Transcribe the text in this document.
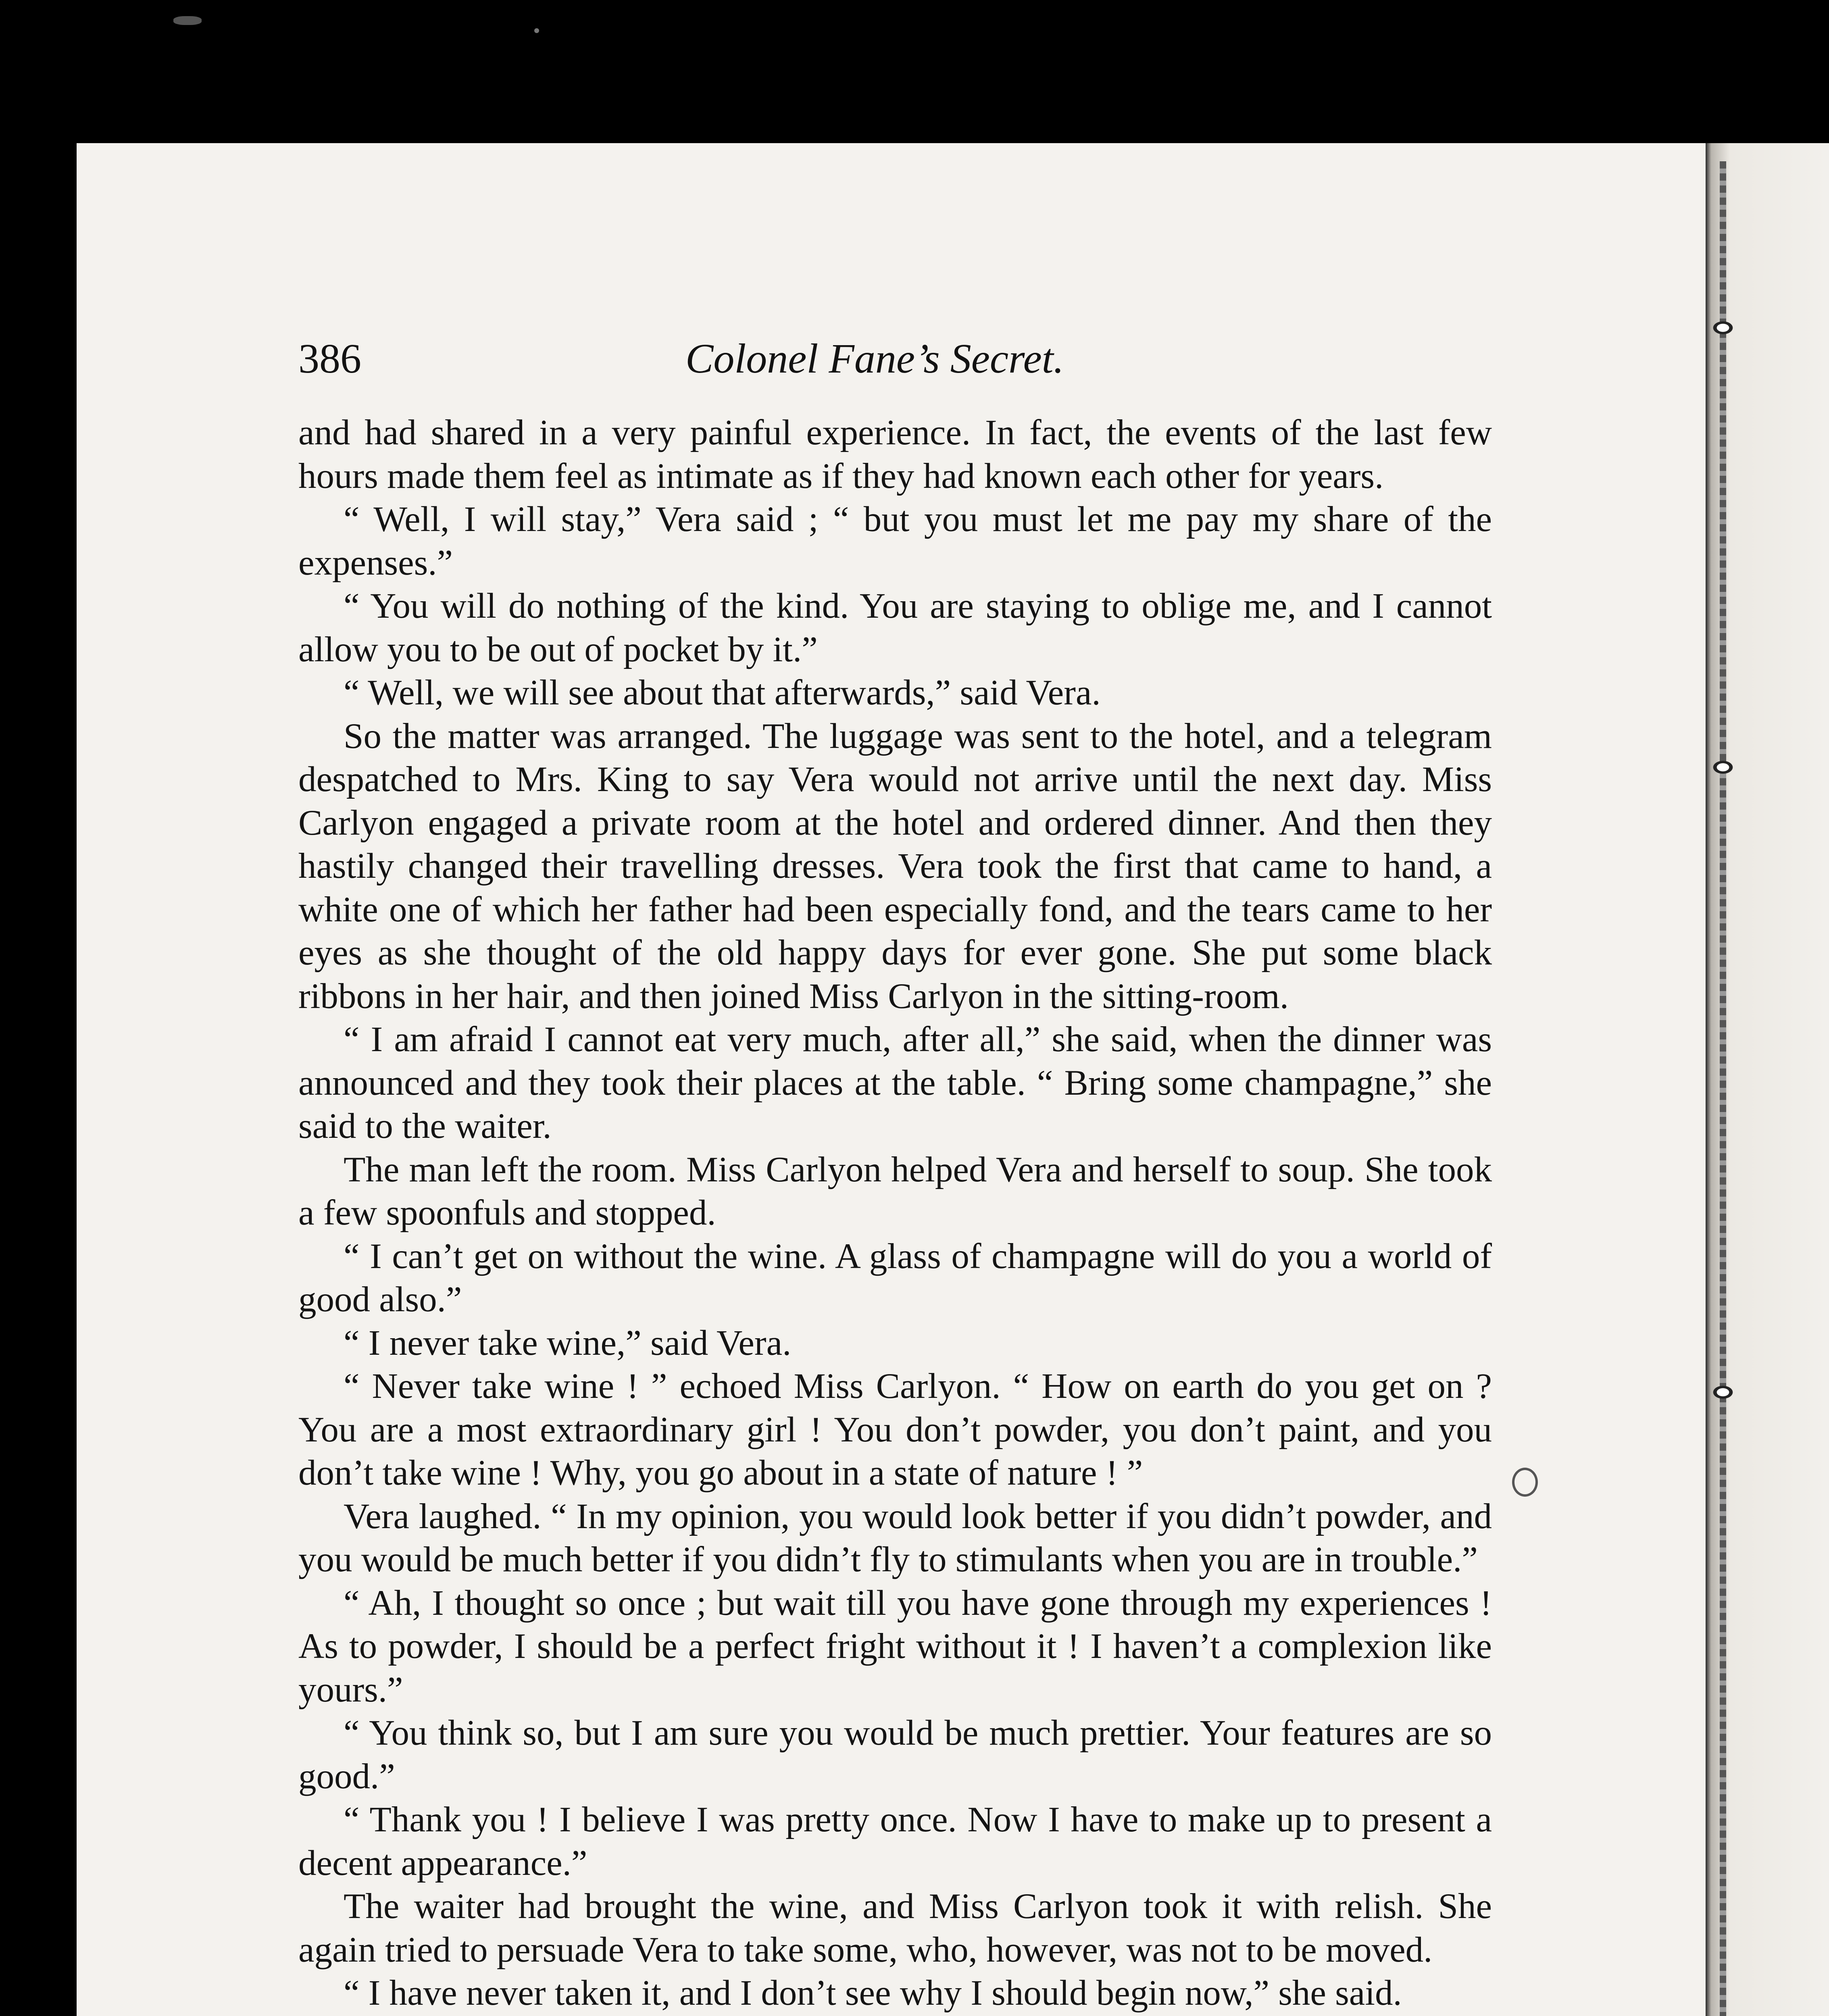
386	Colonel Fane’s Secret.

and had shared in a very painful experience. In fact, the events of the last few hours made them feel as intimate as if they had known each other for years.

“ Well, I will stay,” Vera said ; “ but you must let me pay my share of the expenses.”

“ You will do nothing of the kind. You are staying to oblige me, and I cannot allow you to be out of pocket by it.”

“ Well, we will see about that afterwards,” said Vera.

So the matter was arranged. The luggage was sent to the hotel, and a telegram despatched to Mrs. King to say Vera would not arrive until the next day. Miss Carlyon engaged a private room at the hotel and ordered dinner. And then they hastily changed their travelling dresses. Vera took the first that came to hand, a white one of which her father had been especially fond, and the tears came to her eyes as she thought of the old happy days for ever gone. She put some black ribbons in her hair, and then joined Miss Carlyon in the sitting-room.

“ I am afraid I cannot eat very much, after all,” she said, when the dinner was announced and they took their places at the table. “ Bring some champagne,” she said to the waiter.

The man left the room. Miss Carlyon helped Vera and herself to soup. She took a few spoonfuls and stopped.

“ I can’t get on without the wine. A glass of champagne will do you a world of good also.”

“ I never take wine,” said Vera.

“ Never take wine ! ” echoed Miss Carlyon. “ How on earth do you get on ? You are a most extraordinary girl ! You don’t powder, you don’t paint, and you don’t take wine ! Why, you go about in a state of nature ! ”

Vera laughed. “ In my opinion, you would look better if you didn’t powder, and you would be much better if you didn’t fly to stimulants when you are in trouble.”

“ Ah, I thought so once ; but wait till you have gone through my experiences ! As to powder, I should be a perfect fright without it ! I haven’t a complexion like yours.”

“ You think so, but I am sure you would be much prettier. Your features are so good.”

“ Thank you ! I believe I was pretty once. Now I have to make up to present a decent appearance.”

The waiter had brought the wine, and Miss Carlyon took it with relish. She again tried to persuade Vera to take some, who, however, was not to be moved.

“ I have never taken it, and I don’t see why I should begin now,” she said.
